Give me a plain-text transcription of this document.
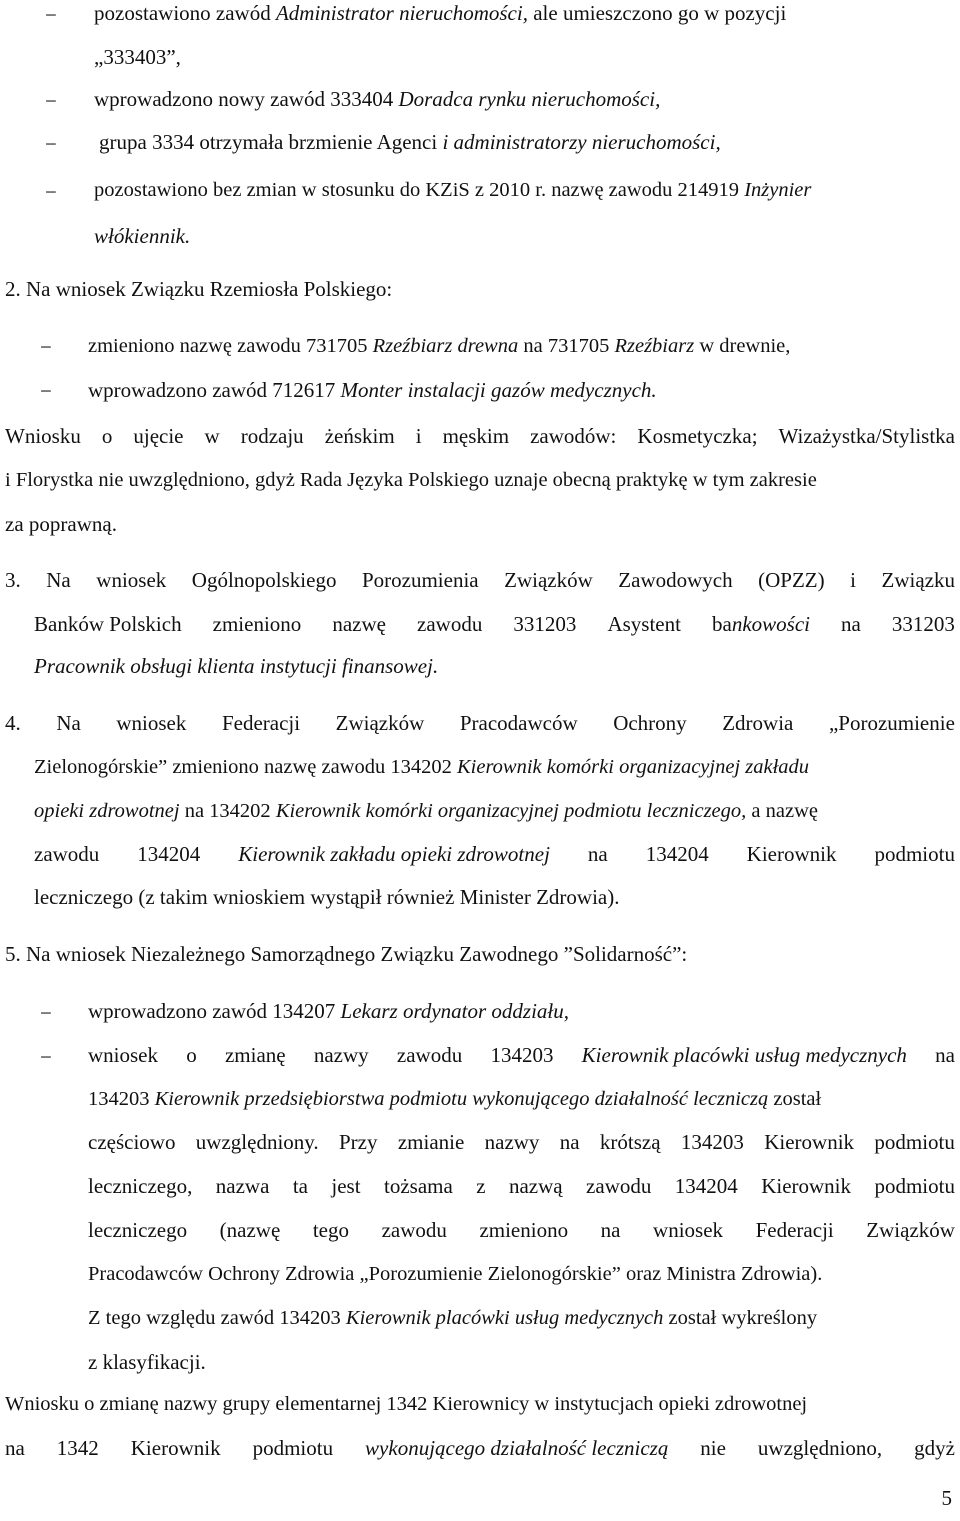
− pozostawiono zawód Administrator nieruchomości, ale umieszczono go w pozycji
„333403”,
− wprowadzono nowy zawód 333404 Doradca rynku nieruchomości,
− grupa 3334 otrzymała brzmienie Agenci i administratorzy nieruchomości,
− pozostawiono bez zmian w stosunku do KZiS z 2010 r. nazwę zawodu 214919 Inżynier
włókiennik.
2. Na wniosek Związku Rzemiosła Polskiego:
− zmieniono nazwę zawodu 731705 Rzeźbiarz drewna na 731705 Rzeźbiarz w drewnie,
− wprowadzono zawód 712617 Monter instalacji gazów medycznych.
Wniosku o ujęcie w rodzaju żeńskim i męskim zawodów: Kosmetyczka; Wizażystka/Stylistka
i Florystka nie uwzględniono, gdyż Rada Języka Polskiego uznaje obecną praktykę w tym zakresie
za poprawną.
3. Na wniosek Ogólnopolskiego Porozumienia Związków Zawodowych (OPZZ) i Związku
Banków Polskich zmieniono nazwę zawodu 331203 Asystent bankowości na 331203
Pracownik obsługi klienta instytucji finansowej.
4. Na wniosek Federacji Związków Pracodawców Ochrony Zdrowia „Porozumienie
Zielonogórskie” zmieniono nazwę zawodu 134202 Kierownik komórki organizacyjnej zakładu
opieki zdrowotnej na 134202 Kierownik komórki organizacyjnej podmiotu leczniczego, a nazwę
zawodu 134204 Kierownik zakładu opieki zdrowotnej na 134204 Kierownik podmiotu
leczniczego (z takim wnioskiem wystąpił również Minister Zdrowia).
5. Na wniosek Niezależnego Samorządnego Związku Zawodnego ”Solidarność”:
− wprowadzono zawód 134207 Lekarz ordynator oddziału,
− wniosek o zmianę nazwy zawodu 134203 Kierownik placówki usług medycznych na
134203 Kierownik przedsiębiorstwa podmiotu wykonującego działalność leczniczą został
częściowo uwzględniony. Przy zmianie nazwy na krótszą 134203 Kierownik podmiotu
leczniczego, nazwa ta jest tożsama z nazwą zawodu 134204 Kierownik podmiotu
leczniczego (nazwę tego zawodu zmieniono na wniosek Federacji Związków
Pracodawców Ochrony Zdrowia „Porozumienie Zielonogórskie” oraz Ministra Zdrowia).
Z tego względu zawód 134203 Kierownik placówki usług medycznych został wykreślony
z klasyfikacji.
Wniosku o zmianę nazwy grupy elementarnej 1342 Kierownicy w instytucjach opieki zdrowotnej
na 1342 Kierownik podmiotu wykonującego działalność leczniczą nie uwzględniono, gdyż
5
